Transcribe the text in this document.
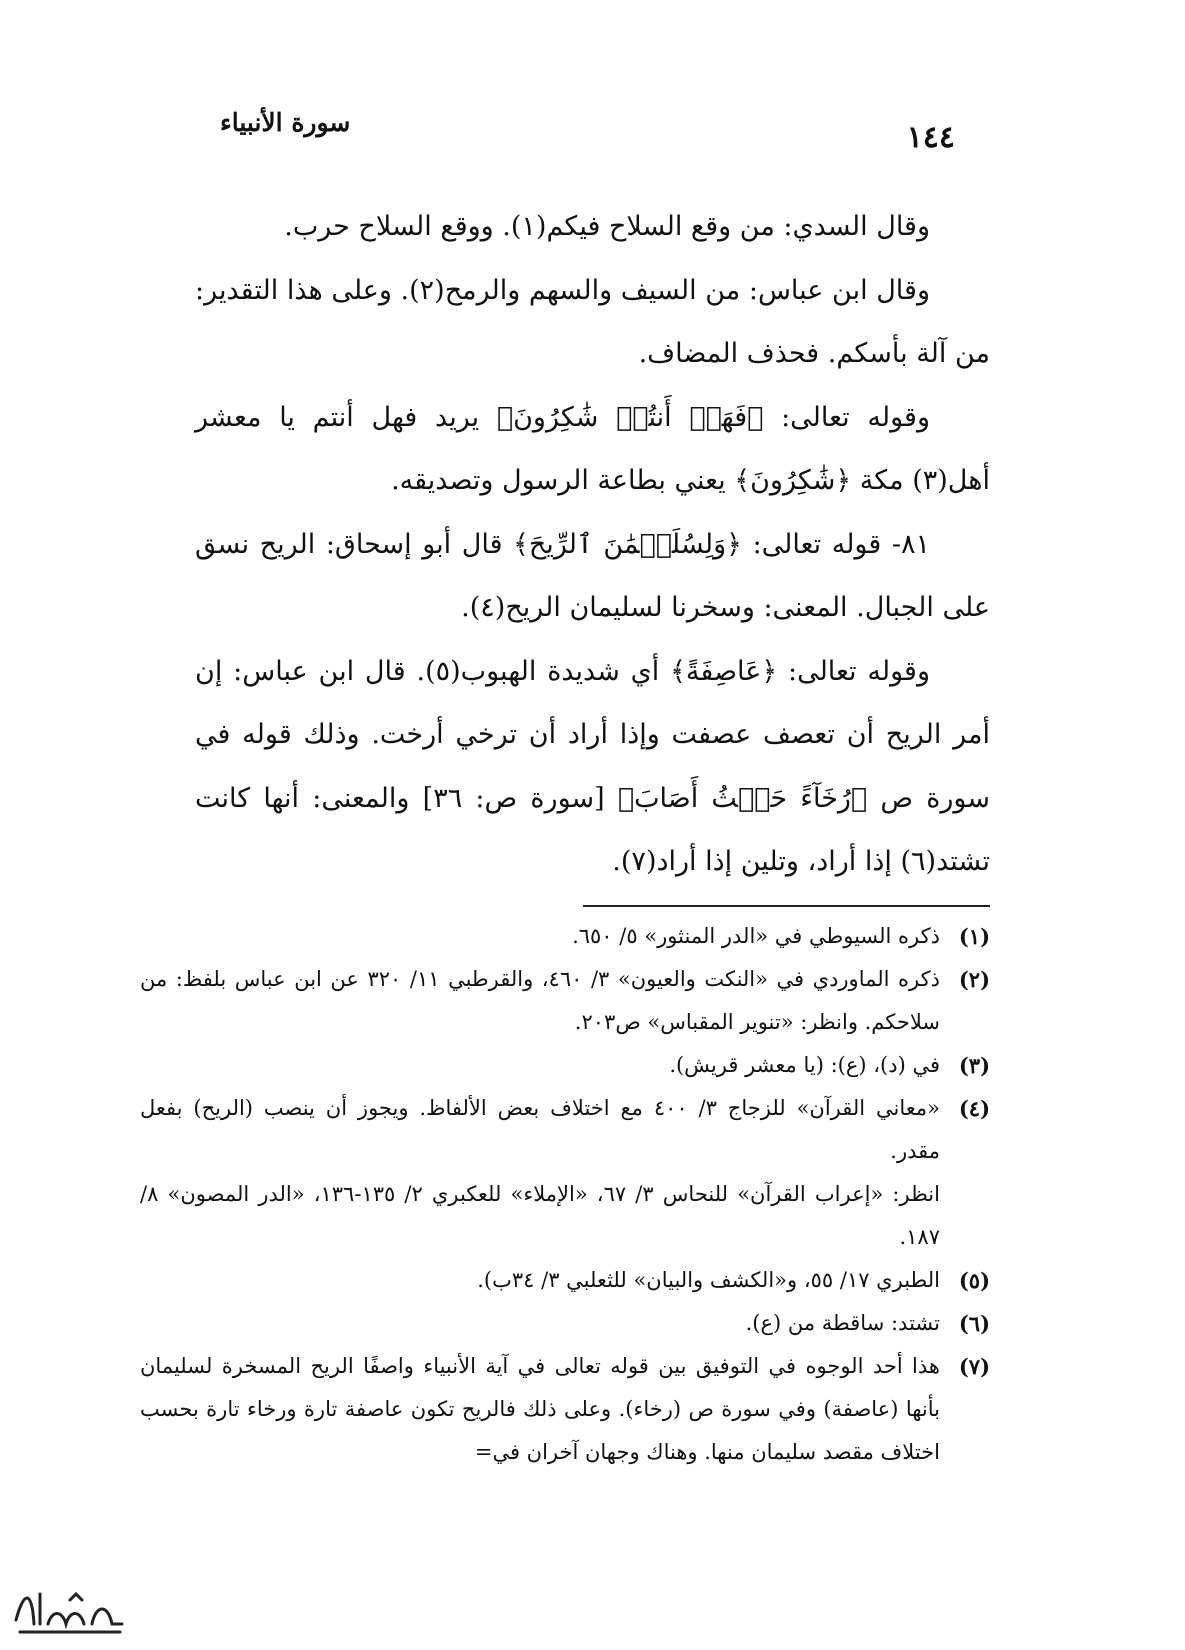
١٤٤
سورة الأنبياء

وقال السدي: من وقع السلاح فيكم(١). ووقع السلاح حرب.

وقال ابن عباس: من السيف والسهم والرمح(٢). وعلى هذا التقدير: من آلة بأسكم. فحذف المضاف.

وقوله تعالى: ﴿فَهَلۡ أَنتُمۡ شَٰكِرُونَ﴾ يريد فهل أنتم يا معشر أهل(٣) مكة ﴿شَٰكِرُونَ﴾ يعني بطاعة الرسول وتصديقه.

٨١- قوله تعالى: ﴿وَلِسُلَيۡمَٰنَ ٱلرِّيحَ﴾ قال أبو إسحاق: الريح نسق على الجبال. المعنى: وسخرنا لسليمان الريح(٤).

وقوله تعالى: ﴿عَاصِفَةً﴾ أي شديدة الهبوب(٥). قال ابن عباس: إن أمر الريح أن تعصف عصفت وإذا أراد أن ترخي أرخت. وذلك قوله في سورة ص ﴿رُخَآءً حَيۡثُ أَصَابَ﴾ [سورة ص: ٣٦] والمعنى: أنها كانت تشتد(٦) إذا أراد، وتلين إذا أراد(٧).

(١)
ذكره السيوطي في «الدر المنثور» ٥/ ٦٥٠.
(٢)
ذكره الماوردي في «النكت والعيون» ٣/ ٤٦٠، والقرطبي ١١/ ٣٢٠ عن ابن عباس بلفظ: من سلاحكم. وانظر: «تنوير المقباس» ص٢٠٣.
(٣)
في (د)، (ع): (يا معشر قريش).
(٤)
«معاني القرآن» للزجاج ٣/ ٤٠٠ مع اختلاف بعض الألفاظ. ويجوز أن ينصب (الريح) بفعل مقدر.
انظر: «إعراب القرآن» للنحاس ٣/ ٦٧، «الإملاء» للعكبري ٢/ ١٣٥-١٣٦، «الدر المصون» ٨/ ١٨٧.
(٥)
الطبري ١٧/ ٥٥، و«الكشف والبيان» للثعلبي ٣/ ٣٤ب).
(٦)
تشتد: ساقطة من (ع).
(٧)
هذا أحد الوجوه في التوفيق بين قوله تعالى في آية الأنبياء واصفًا الريح المسخرة لسليمان بأنها (عاصفة) وفي سورة ص (رخاء). وعلى ذلك فالريح تكون عاصفة تارة ورخاء تارة بحسب اختلاف مقصد سليمان منها. وهناك وجهان آخران في=
